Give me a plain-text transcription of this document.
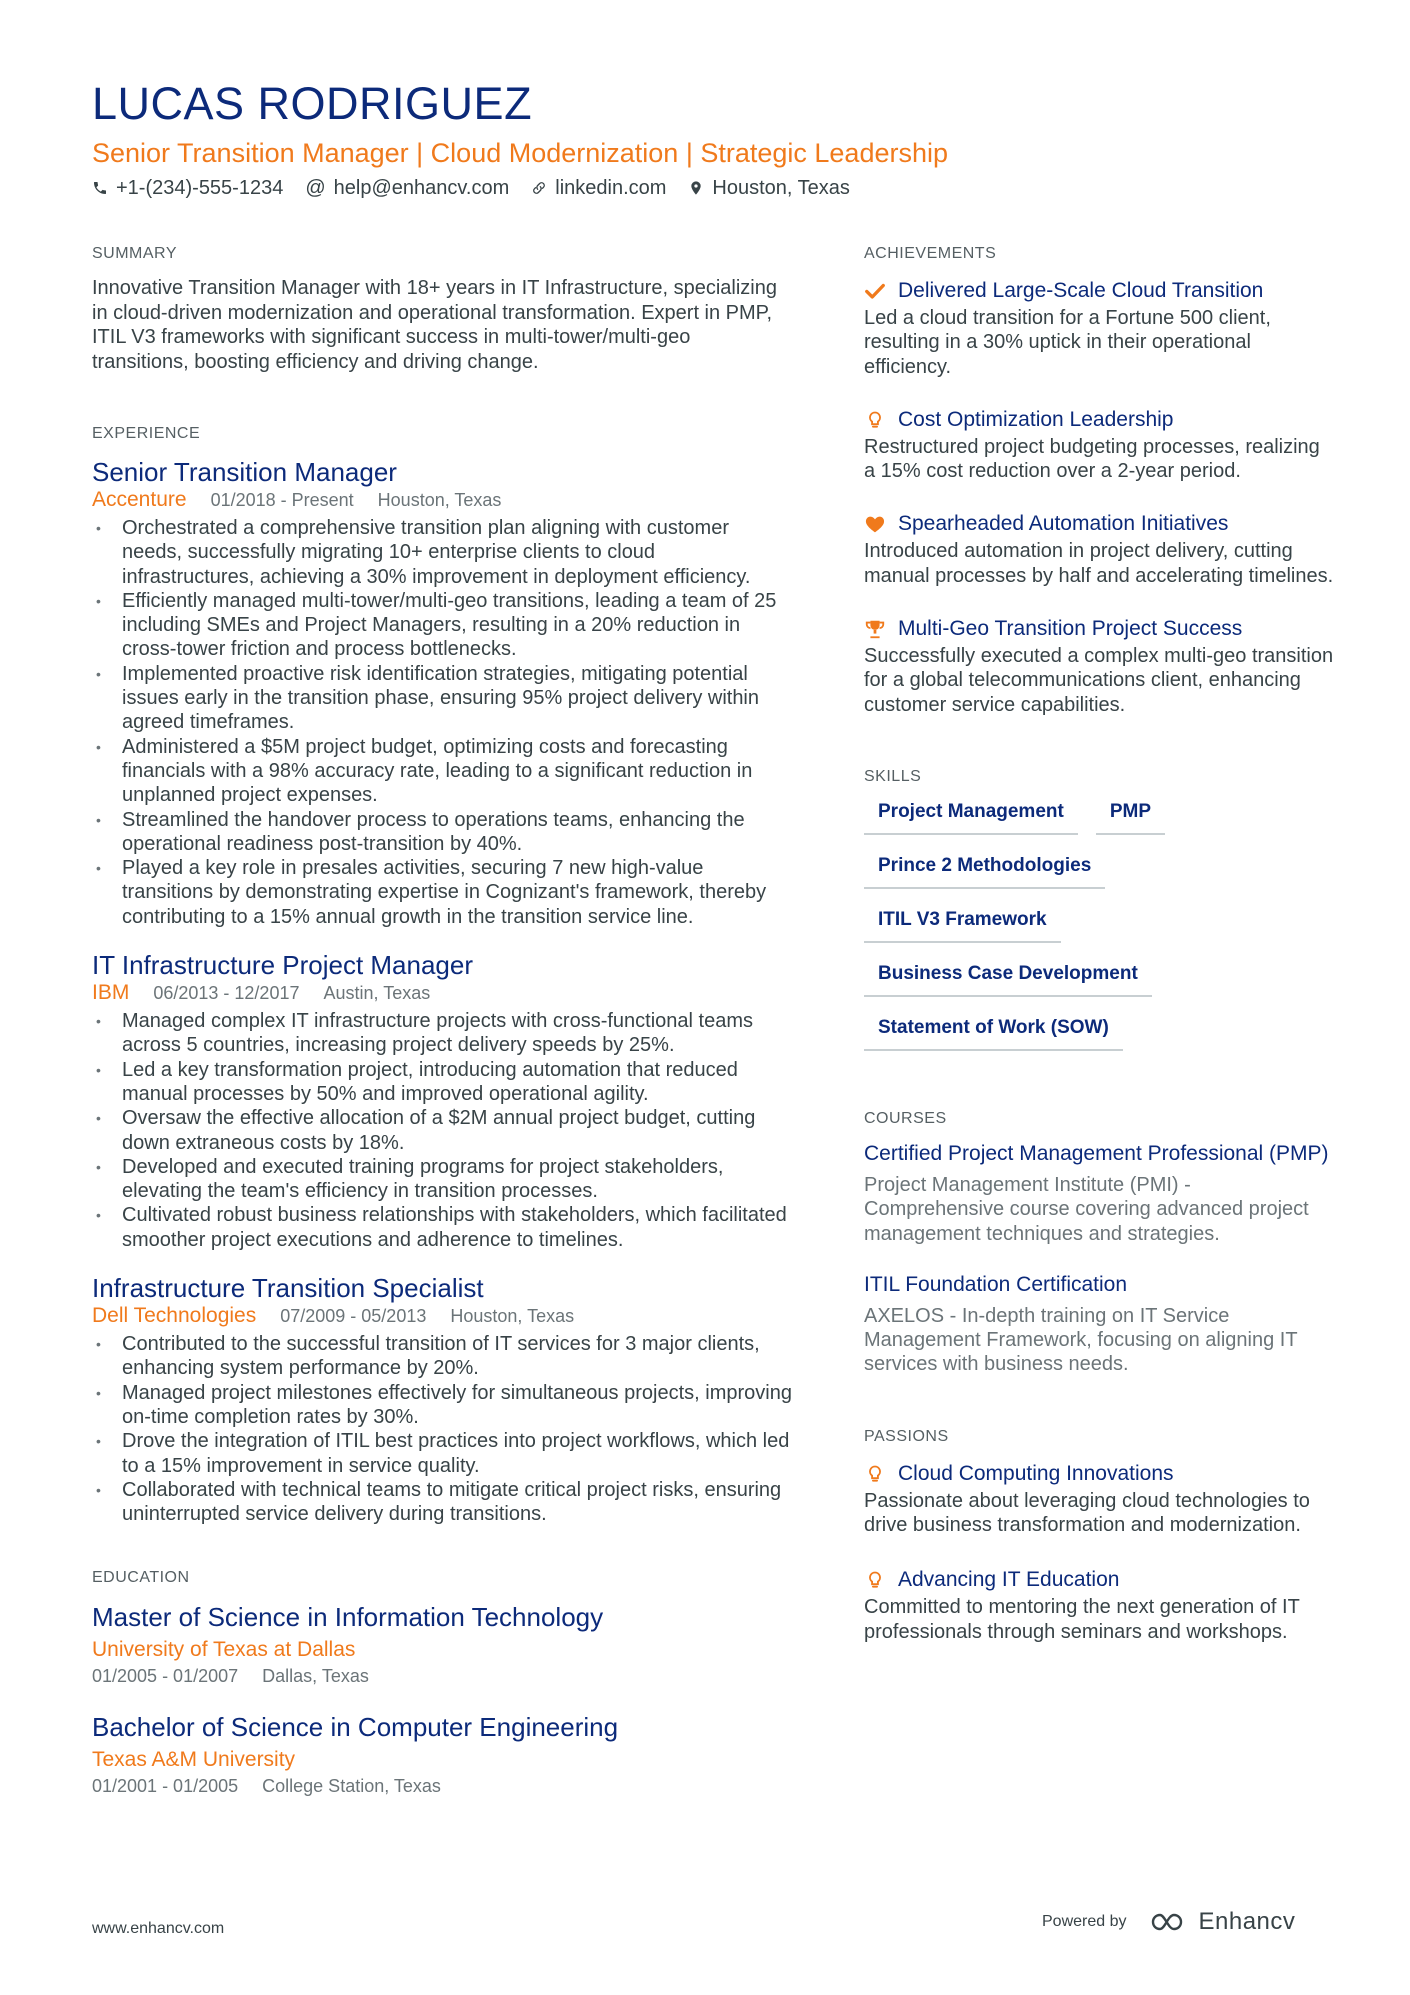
LUCAS RODRIGUEZ
Senior Transition Manager | Cloud Modernization | Strategic Leadership
+1-(234)-555-1234 @ help@enhancv.com linkedin.com Houston, Texas
SUMMARY

Innovative Transition Manager with 18+ years in IT Infrastructure, specializing in cloud-driven modernization and operational transformation. Expert in PMP, ITIL V3 frameworks with significant success in multi-tower/multi-geo transitions, boosting efficiency and driving change.

EXPERIENCE
Senior Transition Manager
Accenture 01/2018 - Present Houston, Texas
• Orchestrated a comprehensive transition plan aligning with customer needs, successfully migrating 10+ enterprise clients to cloud infrastructures, achieving a 30% improvement in deployment efficiency.
• Efficiently managed multi-tower/multi-geo transitions, leading a team of 25 including SMEs and Project Managers, resulting in a 20% reduction in cross-tower friction and process bottlenecks.
• Implemented proactive risk identification strategies, mitigating potential issues early in the transition phase, ensuring 95% project delivery within agreed timeframes.
• Administered a $5M project budget, optimizing costs and forecasting financials with a 98% accuracy rate, leading to a significant reduction in unplanned project expenses.
• Streamlined the handover process to operations teams, enhancing the operational readiness post-transition by 40%.
• Played a key role in presales activities, securing 7 new high-value transitions by demonstrating expertise in Cognizant's framework, thereby contributing to a 15% annual growth in the transition service line.
IT Infrastructure Project Manager
IBM 06/2013 - 12/2017 Austin, Texas
• Managed complex IT infrastructure projects with cross-functional teams across 5 countries, increasing project delivery speeds by 25%.
• Led a key transformation project, introducing automation that reduced manual processes by 50% and improved operational agility.
• Oversaw the effective allocation of a $2M annual project budget, cutting down extraneous costs by 18%.
• Developed and executed training programs for project stakeholders, elevating the team's efficiency in transition processes.
• Cultivated robust business relationships with stakeholders, which facilitated smoother project executions and adherence to timelines.
Infrastructure Transition Specialist
Dell Technologies 07/2009 - 05/2013 Houston, Texas
• Contributed to the successful transition of IT services for 3 major clients, enhancing system performance by 20%.
• Managed project milestones effectively for simultaneous projects, improving on-time completion rates by 30%.
• Drove the integration of ITIL best practices into project workflows, which led to a 15% improvement in service quality.
• Collaborated with technical teams to mitigate critical project risks, ensuring uninterrupted service delivery during transitions.
EDUCATION
Master of Science in Information Technology
University of Texas at Dallas
01/2005 - 01/2007 Dallas, Texas
Bachelor of Science in Computer Engineering
Texas A&M University
01/2001 - 01/2005 College Station, Texas
ACHIEVEMENTS
Delivered Large-Scale Cloud Transition
Led a cloud transition for a Fortune 500 client, resulting in a 30% uptick in their operational efficiency.
Cost Optimization Leadership
Restructured project budgeting processes, realizing a 15% cost reduction over a 2-year period.
Spearheaded Automation Initiatives
Introduced automation in project delivery, cutting manual processes by half and accelerating timelines.
Multi-Geo Transition Project Success
Successfully executed a complex multi-geo transition for a global telecommunications client, enhancing customer service capabilities.
SKILLS
Project Management	PMP
Prince 2 Methodologies
ITIL V3 Framework
Business Case Development
Statement of Work (SOW)
COURSES
Certified Project Management Professional (PMP)
Project Management Institute (PMI) - Comprehensive course covering advanced project management techniques and strategies.
ITIL Foundation Certification
AXELOS - In-depth training on IT Service Management Framework, focusing on aligning IT services with business needs.
PASSIONS
Cloud Computing Innovations
Passionate about leveraging cloud technologies to drive business transformation and modernization.
Advancing IT Education
Committed to mentoring the next generation of IT professionals through seminars and workshops.
www.enhancv.com	Powered by	Enhancv
